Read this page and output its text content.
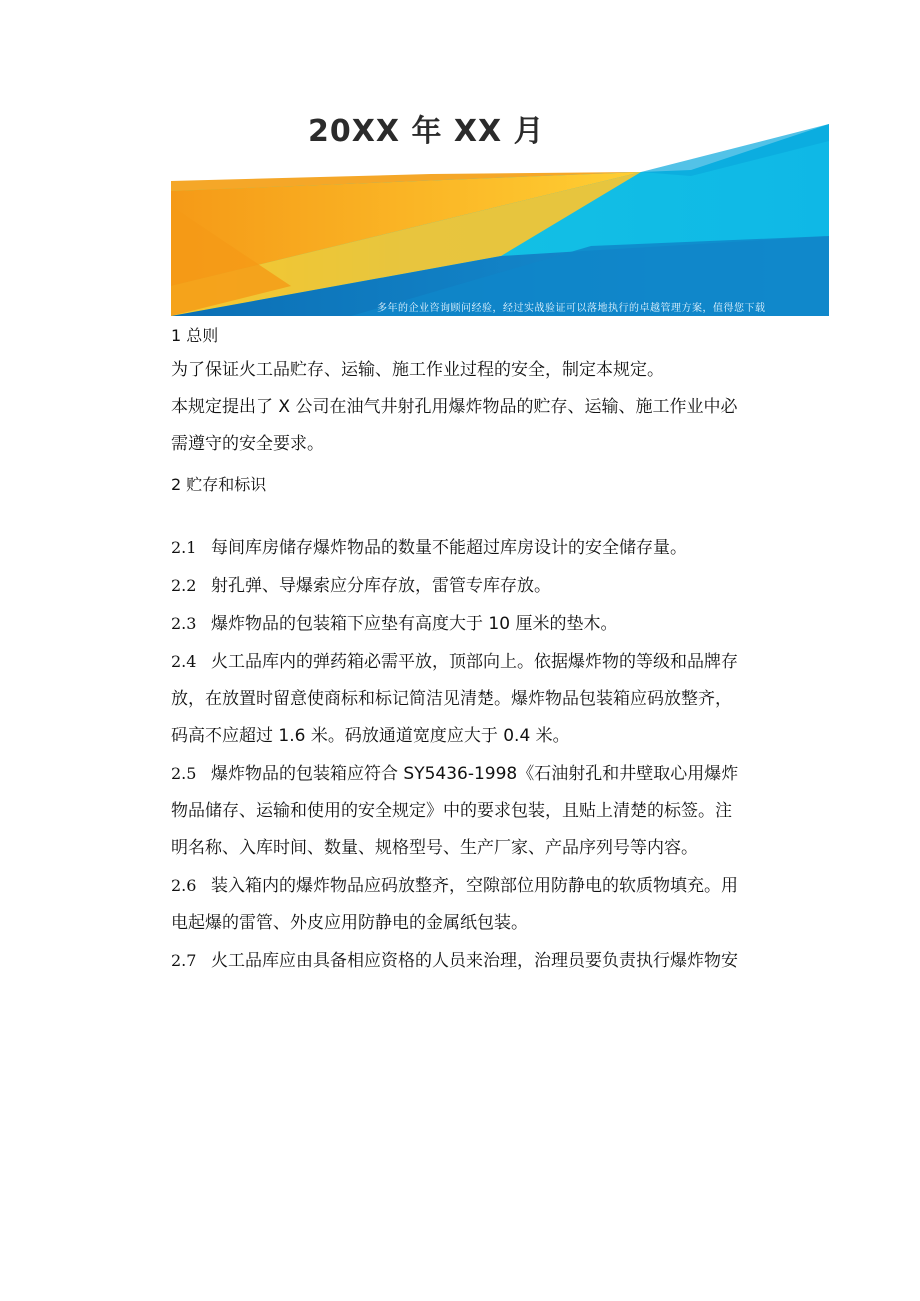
20XX 年 XX 月
多年的企业咨询顾问经验，经过实战验证可以落地执行的卓越管理方案，值得您下载

1 总则

为了保证火工品贮存、运输、施工作业过程的安全，制定本规定。

本规定提出了 X 公司在油气井射孔用爆炸物品的贮存、运输、施工作业中必

需遵守的安全要求。

2 贮存和标识

2.1 每间库房储存爆炸物品的数量不能超过库房设计的安全储存量。

2.2 射孔弹、导爆索应分库存放，雷管专库存放。

2.3 爆炸物品的包装箱下应垫有高度大于 10 厘米的垫木。

2.4 火工品库内的弹药箱必需平放，顶部向上。依据爆炸物的等级和品牌存

放，在放置时留意使商标和标记简洁见清楚。爆炸物品包装箱应码放整齐，

码高不应超过 1.6 米。码放通道宽度应大于 0.4 米。

2.5 爆炸物品的包装箱应符合 SY5436-1998《石油射孔和井壁取心用爆炸

物品储存、运输和使用的安全规定》中的要求包装，且贴上清楚的标签。注

明名称、入库时间、数量、规格型号、生产厂家、产品序列号等内容。

2.6 装入箱内的爆炸物品应码放整齐，空隙部位用防静电的软质物填充。用

电起爆的雷管、外皮应用防静电的金属纸包装。

2.7 火工品库应由具备相应资格的人员来治理，治理员要负责执行爆炸物安
